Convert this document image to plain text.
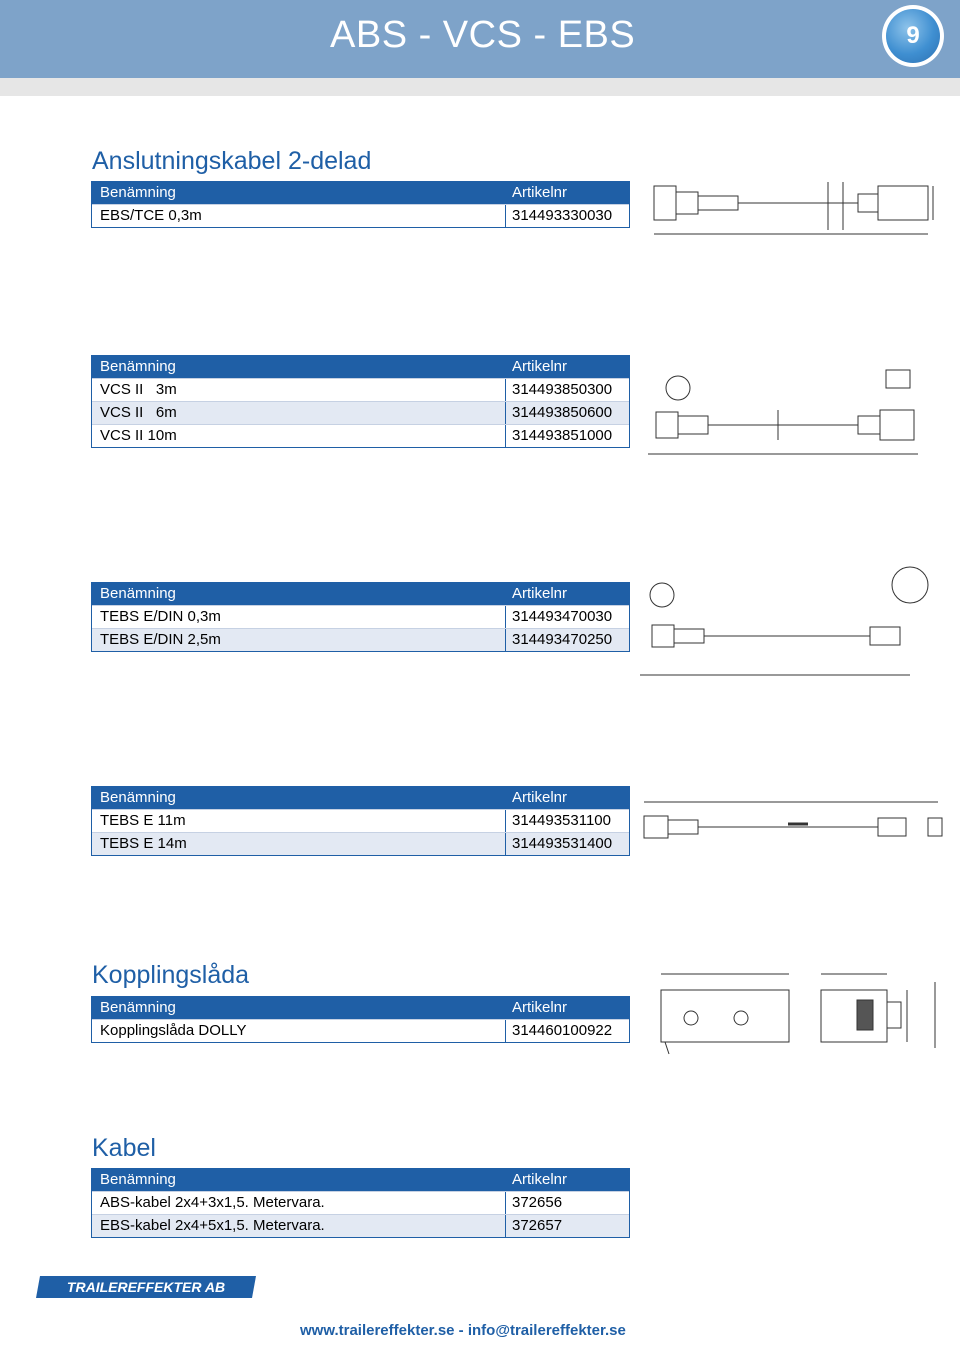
ABS - VCS - EBS	9
Anslutningskabel 2-delad
Benämning	Artikelnr
EBS/TCE 0,3m	314493330030
Benämning	Artikelnr
VCS II   3m	314493850300
VCS II   6m	314493850600
VCS II 10m	314493851000
Benämning	Artikelnr
TEBS E/DIN 0,3m	314493470030
TEBS E/DIN 2,5m	314493470250
Benämning	Artikelnr
TEBS E 11m	314493531100
TEBS E 14m	314493531400
Kopplingslåda
Benämning	Artikelnr
Kopplingslåda DOLLY	314460100922
Kabel
Benämning	Artikelnr
ABS-kabel 2x4+3x1,5. Metervara.	372656
EBS-kabel 2x4+5x1,5. Metervara.	372657
TRAILEREFFEKTER AB
www.trailereffekter.se - info@trailereffekter.se
